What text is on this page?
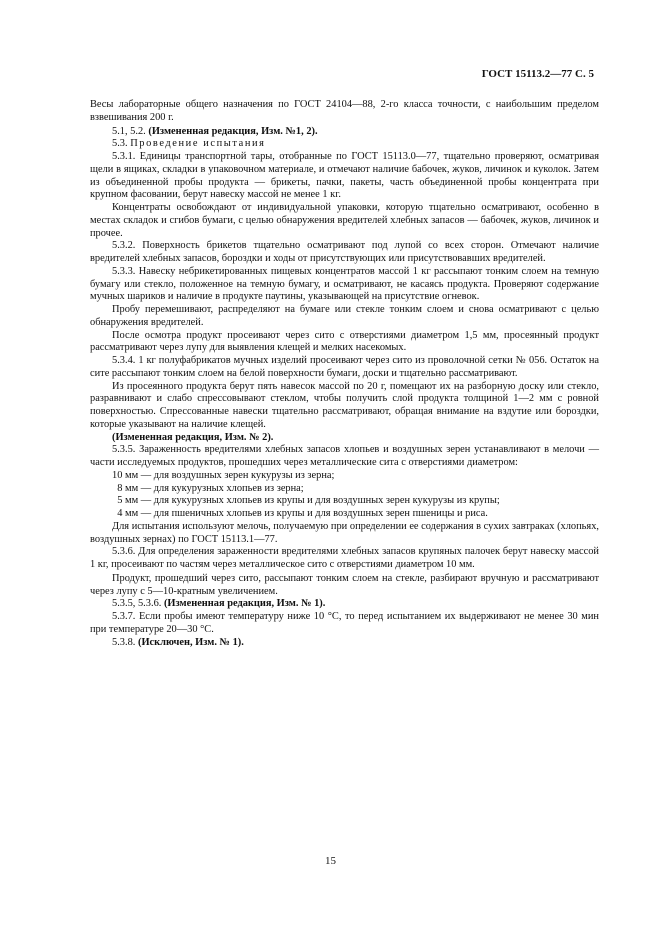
ГОСТ 15113.2—77 С. 5

Весы лабораторные общего назначения по ГОСТ 24104—88, 2-го класса точности, с наибольшим пределом взвешивания 200 г.

5.1, 5.2. (Измененная редакция, Изм. №1, 2).

5.3. Проведение испытания

5.3.1. Единицы транспортной тары, отобранные по ГОСТ 15113.0—77, тщательно проверяют, осматривая щели в ящиках, складки в упаковочном материале, и отмечают наличие бабочек, жуков, личинок и куколок. Затем из объединенной пробы продукта — брикеты, пачки, пакеты, часть объединенной пробы концентрата при крупном фасовании, берут навеску массой не менее 1 кг.

Концентраты освобождают от индивидуальной упаковки, которую тщательно осматривают, особенно в местах складок и сгибов бумаги, с целью обнаружения вредителей хлебных запасов — бабочек, жуков, личинок и прочее.

5.3.2. Поверхность брикетов тщательно осматривают под лупой со всех сторон. Отмечают наличие вредителей хлебных запасов, бороздки и ходы от присутствующих или присутствовавших вредителей.

5.3.3. Навеску небрикетированных пищевых концентратов массой 1 кг рассыпают тонким слоем на темную бумагу или стекло, положенное на темную бумагу, и осматривают, не касаясь продукта. Проверяют содержание мучных шариков и наличие в продукте паутины, указывающей на присутствие огневок.

Пробу перемешивают, распределяют на бумаге или стекле тонким слоем и снова осматривают с целью обнаружения вредителей.

После осмотра продукт просеивают через сито с отверстиями диаметром 1,5 мм, просеянный продукт рассматривают через лупу для выявления клещей и мелких насекомых.

5.3.4. 1 кг полуфабрикатов мучных изделий просеивают через сито из проволочной сетки № 056. Остаток на сите рассыпают тонким слоем на белой поверхности бумаги, доски и тщательно рассматривают.

Из просеянного продукта берут пять навесок массой по 20 г, помещают их на разборную доску или стекло, разравнивают и слабо спрессовывают стеклом, чтобы получить слой продукта толщиной 1—2 мм с ровной поверхностью. Спрессованные навески тщательно рассматривают, обращая внимание на вздутие или бороздки, которые указывают на наличие клещей.

(Измененная редакция, Изм. № 2).

5.3.5. Зараженность вредителями хлебных запасов хлопьев и воздушных зерен устанавливают в мелочи — части исследуемых продуктов, прошедших через металлические сита с отверстиями диаметром:

10 мм — для воздушных зерен кукурузы из зерна;

8 мм — для кукурузных хлопьев из зерна;

5 мм — для кукурузных хлопьев из крупы и для воздушных зерен кукурузы из крупы;

4 мм — для пшеничных хлопьев из крупы и для воздушных зерен пшеницы и риса.

Для испытания используют мелочь, получаемую при определении ее содержания в сухих завтраках (хлопьях, воздушных зернах) по ГОСТ 15113.1—77.

5.3.6. Для определения зараженности вредителями хлебных запасов крупяных палочек берут навеску массой 1 кг, просеивают по частям через металлическое сито с отверстиями диаметром 10 мм.

Продукт, прошедший через сито, рассыпают тонким слоем на стекле, разбирают вручную и рассматривают через лупу с 5—10-кратным увеличением.

5.3.5, 5.3.6. (Измененная редакция, Изм. № 1).

5.3.7. Если пробы имеют температуру ниже 10 °С, то перед испытанием их выдерживают не менее 30 мин при температуре 20—30 °С.

5.3.8. (Исключен, Изм. № 1).

15
